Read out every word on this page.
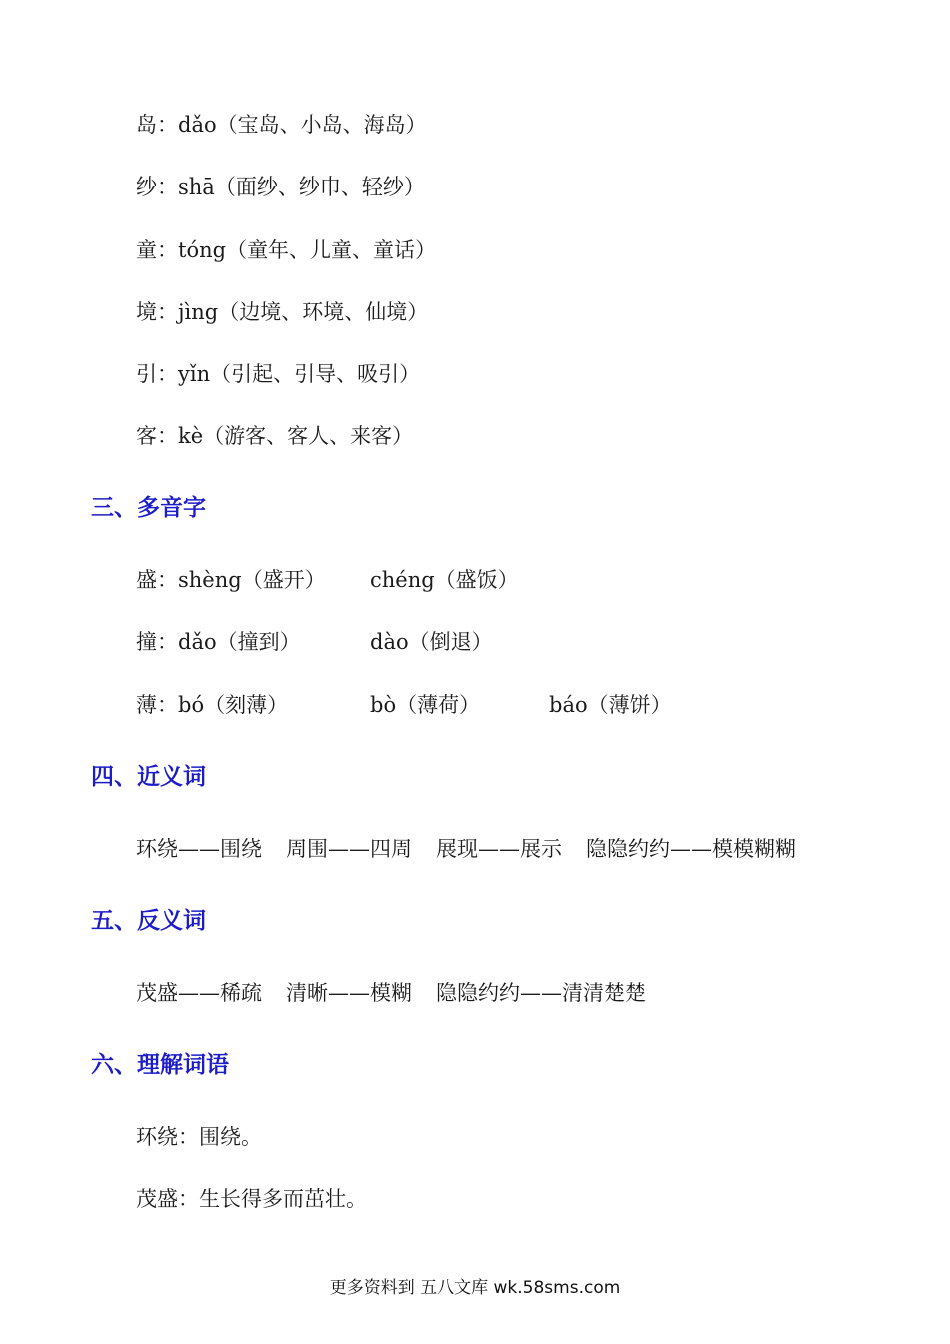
岛：dǎo（宝岛、小岛、海岛）
纱：shā（面纱、纱巾、轻纱）
童：tóng（童年、儿童、童话）
境：jìng（边境、环境、仙境）
引：yǐn（引起、引导、吸引）
客：kè（游客、客人、来客）
三、多音字
盛：shèng（盛开） chéng（盛饭）
撞：dǎo（撞到）	dào（倒退）
薄：bó（刻薄）	bò（薄荷）	báo（薄饼）
四、近义词
环绕——围绕 周围——四周 展现——展示 隐隐约约——模模糊糊
五、反义词
茂盛——稀疏 清晰——模糊 隐隐约约——清清楚楚
六、理解词语
环绕：围绕。
茂盛：生长得多而茁壮。
更多资料到 五八文库 wk.58sms.com
